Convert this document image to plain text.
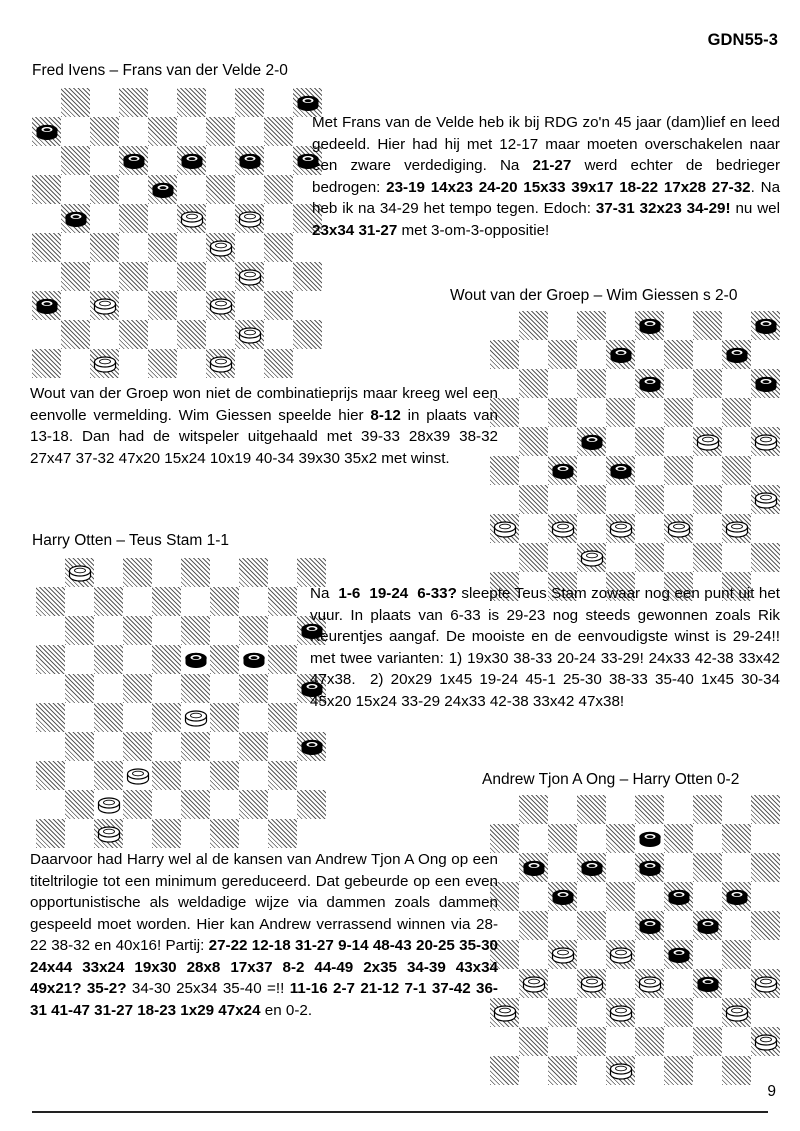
GDN55-3
Fred Ivens – Frans van der Velde 2-0
Met Frans van de Velde heb ik bij RDG zo'n 45 jaar (dam)lief en leed gedeeld. Hier had hij met 12-17 maar moeten overschakelen naar een zware verdediging. Na 21-27 werd echter de bedrieger bedrogen: 23-19 14x23 24-20 15x33 39x17 18-22 17x28 27-32. Na heb ik na 34-29 het tempo tegen. Edoch: 37-31 32x23 34-29! nu wel 23x34 31-27 met 3-om-3-oppositie!
Wout van der Groep – Wim Giessen s 2-0
Wout van der Groep won niet de combinatieprijs maar kreeg wel een eenvolle vermelding. Wim Giessen speelde hier 8-12 in plaats van 13-18. Dan had de witspeler uitgehaald met 39-33 28x39 38-32 27x47 37-32 47x20 15x24 10x19 40-34 39x30 35x2 met winst.
Harry Otten – Teus Stam 1-1
Na  1-6  19-24  6-33? sleepte Teus Stam zowaar nog een punt uit het vuur. In plaats van 6-33 is 29-23 nog steeds gewonnen zoals Rik Keurentjes aangaf. De mooiste en de eenvoudigste winst is 29-24!! met twee varianten: 1) 19x30 38-33 20-24 33-29! 24x33 42-38 33x42 47x38.  2) 20x29 1x45 19-24 45-1 25-30 38-33 35-40 1x45 30-34 45x20 15x24 33-29 24x33 42-38 33x42 47x38!
Andrew Tjon A Ong – Harry Otten 0-2
Daarvoor had Harry wel al de kansen van Andrew Tjon A Ong op een titeltrilogie tot een minimum gereduceerd. Dat gebeurde op een even opportunistische als weldadige wijze via dammen zoals dammen gespeeld moet worden. Hier kan Andrew verrassend winnen via 28-22 38-32 en 40x16! Partij: 27-22 12-18 31-27 9-14 48-43 20-25 35-30 24x44 33x24 19x30 28x8 17x37 8-2 44-49 2x35 34-39 43x34 49x21? 35-2? 34-30 25x34 35-40 =!! 11-16 2-7 21-12 7-1 37-42 36-31 41-47 31-27 18-23 1x29 47x24 en 0-2.
9
